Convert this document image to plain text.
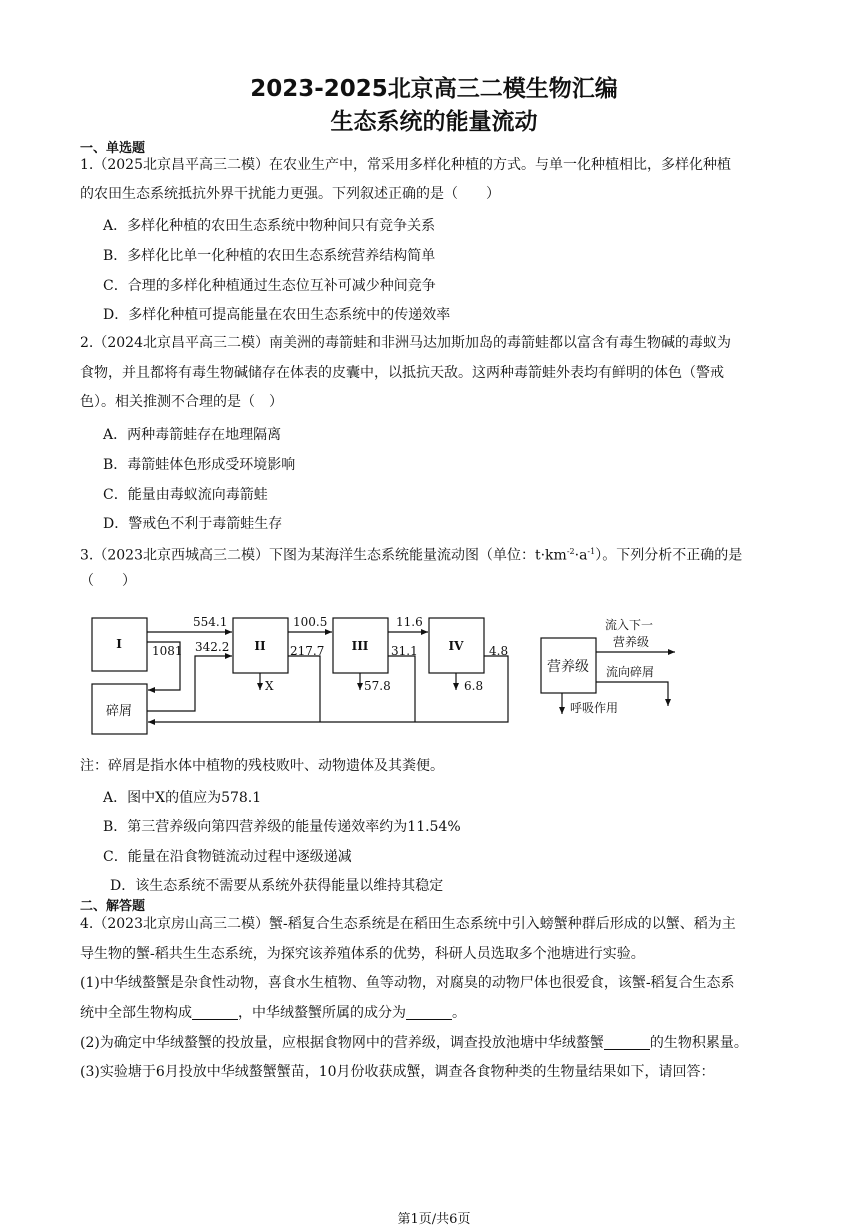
2023-2025北京高三二模生物汇编
生态系统的能量流动
一、单选题
1.（2025北京昌平高三二模）在农业生产中，常采用多样化种植的方式。与单一化种植相比，多样化种植
的农田生态系统抵抗外界干扰能力更强。下列叙述正确的是（　　）
A．多样化种植的农田生态系统中物种间只有竞争关系
B．多样化比单一化种植的农田生态系统营养结构简单
C．合理的多样化种植通过生态位互补可减少种间竞争
D．多样化种植可提高能量在农田生态系统中的传递效率
2.（2024北京昌平高三二模）南美洲的毒箭蛙和非洲马达加斯加岛的毒箭蛙都以富含有毒生物碱的毒蚁为
食物，并且都将有毒生物碱储存在体表的皮囊中，以抵抗天敌。这两种毒箭蛙外表均有鲜明的体色（警戒
色）。相关推测不合理的是（　）
A．两种毒箭蛙存在地理隔离
B．毒箭蛙体色形成受环境影响
C．能量由毒蚁流向毒箭蛙
D．警戒色不利于毒箭蛙生存
3.（2023北京西城高三二模）下图为某海洋生态系统能量流动图（单位：$t\cdot km^{-2}\cdot a^{-1}$）。下列分析不正确的是
（　　）
I
碎屑
II	III	IV
营养级
554.1
1081 342.2
100.5
217.7
X
11.6
31.1
57.8
4.8
6.8
流入下一
营养级
流向碎屑
呼吸作用
注：碎屑是指水体中植物的残枝败叶、动物遗体及其粪便。
A．图中X的值应为578.1
B．第三营养级向第四营养级的能量传递效率约为11.54%
C．能量在沿食物链流动过程中逐级递减
D．该生态系统不需要从系统外获得能量以维持其稳定
二、解答题
4.（2023北京房山高三二模）蟹-稻复合生态系统是在稻田生态系统中引入螃蟹种群后形成的以蟹、稻为主
导生物的蟹-稻共生生态系统，为探究该养殖体系的优势，科研人员选取多个池塘进行实验。
(1)中华绒螯蟹是杂食性动物，喜食水生植物、鱼等动物，对腐臭的动物尸体也很爱食，该蟹-稻复合生态系
统中全部生物构成	，中华绒螯蟹所属的成分为	。
(2)为确定中华绒螯蟹的投放量，应根据食物网中的营养级，调查投放池塘中华绒螯蟹	的生物积累量。
(3)实验塘于6月投放中华绒螯蟹蟹苗，10月份收获成蟹，调查各食物种类的生物量结果如下，请回答：
第1页/共6页
